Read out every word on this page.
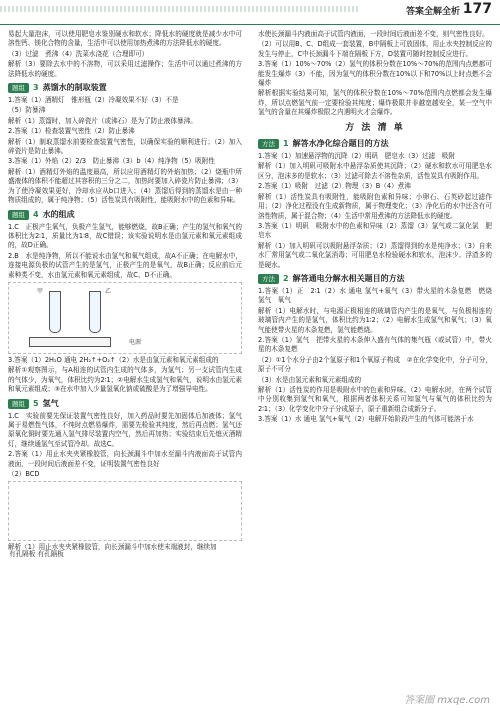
答案全解全析 177

易起大量泡沫，可以使用肥皂水鉴别硬水和软水；降低水的硬度就是减少水中可溶性钙、镁化合物的含量，生活中可以使用加热煮沸的方法降低水的硬度。

（3）过滤　煮沸（4）洗菜水浇花（合理即可）

解析（3）要除去水中的不溶物，可以采用过滤操作；生活中可以通过煮沸的方法降低水的硬度。

题组	3 蒸馏水的制取装置

1.答案（1）酒精灯　锥形瓶（2）冷凝效果不好（3）不是

（5）防暴沸

解析（1）蒸馏时，加入碎瓷片（或沸石）是为了防止液体暴沸。

2.答案（1）检查装置气密性（2）防止暴沸

解析（1）制取蒸馏水前要检查装置气密性，以确保实验的顺利进行；（2）加入碎瓷片是防止暴沸。

3.答案（1）外焰（2）2/3　防止暴沸（3）b（4）纯净物（5）吸附性

解析（1）酒精灯外焰的温度最高，所以应用酒精灯的外焰加热；（2）烧瓶中所盛液体的体积不能超过其容积的三分之二，加热时要加入碎瓷片防止暴沸；（3）为了使冷凝效果更好，冷却水应从b口进入；（4）蒸馏后得到的蒸馏水是由一种物质组成的，属于纯净物；（5）活性炭具有吸附性，能吸附水中的色素和异味。

题组	4 水的组成

1.C　正极产生氧气，负极产生氢气，能够燃烧，故B正确；产生的氢气和氧气的体积比为2∶1，质量比为1∶8，故C错误；该实验说明水是由氢元素和氧元素组成的，故D正确。

2.B　水是纯净物，所以不能说水由氢气和氧气组成，故A不正确；在电解水中，连接电源负极的试管产生的是氢气，正极产生的是氧气，故B正确；反应前后元素种类不变，水由氢元素和氧元素组成，故C、D不正确。

甲	乙
电源

3.答案（1）2H₂O 通电 2H₂↑+O₂↑（2）水是由氢元素和氧元素组成的

解析①观察图示，与A相连的试管内生成的气体多，为氢气；另一支试管内生成的气体少，为氧气，体积比约为2∶1；②电解水生成氢气和氧气，说明水由氢元素和氧元素组成；③在水中加入少量氢氧化钠或硫酸是为了增强导电性。

题组	5 氢气

1.C　实验前要先保证装置气密性良好，加入药品时要先加固体后加液体；氢气属于易燃性气体，不纯时点燃易爆炸，需要先检验其纯度，然后再点燃；氢气还原氧化铜时要先通入氢气排尽装置内空气，然后再加热；实验结束后先熄灭酒精灯，继续通氢气至试管冷却。故选C。

2.答案（1）用止水夹夹紧橡胶管，向长颈漏斗中加水至漏斗内液面高于试管内液面，一段时间后液面差不变，证明装置气密性良好

（2）BCD

有孔隔板 有孔隔板

解析（1）用止水夹夹紧橡胶管，向长颈漏斗中加水使末端液封，继续加

水使长颈漏斗内液面高于试管内液面，一段时间后液面差不变，则气密性良好。

（2）可以用B、C、D组成一套装置，B中隔板上可放固体，用止水夹控制反应的发生与停止，C中长颈漏斗下端在隔板下方，D装置可随时控制反应进行。

3.答案（1）10%～70%（2）氢气的体积分数在10%～70%的范围内点燃都可能发生爆炸（3）不能，因为氢气的体积分数在10%以下和70%以上时点燃不会爆炸

解析根据实验结果可知，氢气的体积分数在10%～70%范围内点燃都会发生爆炸，所以点燃氢气前一定要检验其纯度；爆炸极限并非越宽越安全，某一空气中氢气的含量在其爆炸极限之内遇明火才会爆炸。

方 法 清 单
方法	1 解答水净化综合题目的方法

1.答案（1）加速悬浮物的沉降（2）明矾　肥皂水（3）过滤　吸附

解析（1）加入明矾可吸附水中悬浮杂质使其沉降；（2）硬水和软水可用肥皂水区分，泡沫多的是软水；（3）过滤可除去不溶性杂质，活性炭具有吸附作用。

2.答案（1）吸附　过滤（2）物理（3）B（4）煮沸

解析（1）活性炭具有吸附性，能吸附色素和异味；小卵石、石英砂起过滤作用；（2）净化过程没有生成新物质，属于物理变化；（3）净化后的水中还含有可溶性物质，属于混合物；（4）生活中常用煮沸的方法降低水的硬度。

3.答案（1）明矾　吸附水中的色素和异味（2）蒸馏（3）氯气或二氯化氯　肥皂水

解析（1）加入明矾可以吸附悬浮杂质；（2）蒸馏得到的水是纯净水；（3）自来水厂常用氯气或二氧化氯消毒；可用肥皂水检验硬水和软水，泡沫少、浮渣多的是硬水。

方法	2 解答通电分解水相关题目的方法

1.答案（1）正　2∶1（2）水 通电 氢气+氧气（3）带火星的木条复燃　燃烧　氢气　氧气

解析（1）电解水时，与电源正极相连的玻璃管内产生的是氧气，与负极相连的玻璃管内产生的是氢气，体积比约为1∶2；（2）电解水生成氢气和氧气；（3）氧气能使带火星的木条复燃，氢气能燃烧。

2.答案（1）氢气　把带火星的木条伸入盛有气体的集气瓶（或试管）中，带火星的木条复燃

（2）①1个水分子由2个氢原子和1个氧原子构成　②在化学变化中，分子可分，原子不可分

（3）水是由氢元素和氧元素组成的

解析（1）活性炭的作用是吸附水中的色素和异味。（2）电解水时，在两个试管中分别收集到氢气和氧气，根据两者体积关系可知氢气与氧气的体积比约为2∶1；（3）化学变化中分子分成原子，原子重新组合成新分子。

3.答案（1）水 通电 氢气+氧气（2）电解开始阶段产生的气体可能溶于水

答案圈 mxqe.com
